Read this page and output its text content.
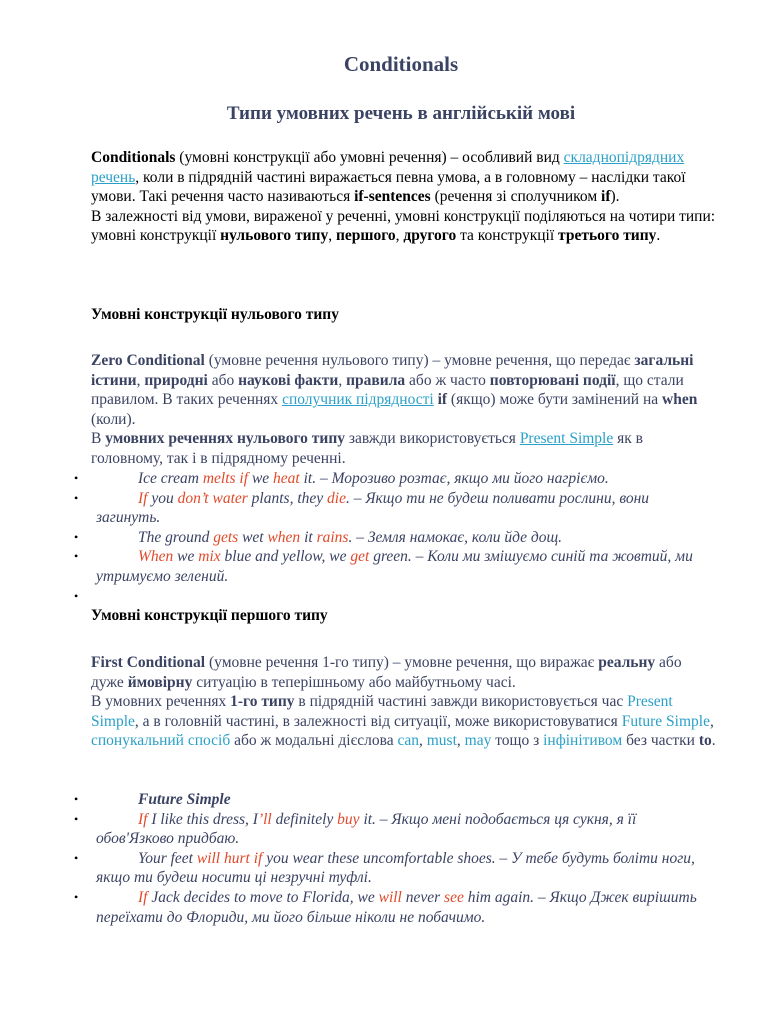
Conditionals
Типи умовних речень в англійській мові

Conditionals (умовні конструкції або умовні речення) – особливий вид складнопідрядних речень, коли в підрядній частині виражається певна умова, а в головному – наслідки такої умови. Такі речення часто називаються if-sentences (речення зі сполучником if).
В залежності від умови, вираженої у реченні, умовні конструкції поділяються на чотири типи: умовні конструкції нульового типу, першого, другого та конструкції третього типу.

Умовні конструкції нульового типу

Zero Conditional (умовне речення нульового типу) – умовне речення, що передає загальні істини, природні або наукові факти, правила або ж часто повторювані події, що стали правилом. В таких реченнях сполучник підрядності if (якщо) може бути замінений на when (коли).
В умовних реченнях нульового типу завжди використовується Present Simple як в головному, так і в підрядному реченні.

•	Ice cream melts if we heat it. – Морозиво розтає, якщо ми його нагріємо.
•	If you don’t water plants, they die. – Якщо ти не будеш поливати рослини, вони загинуть.
•	The ground gets wet when it rains. – Земля намокає, коли йде дощ.
•	When we mix blue and yellow, we get green. – Коли ми змішуємо синій та жовтий, ми утримуємо зелений.
•

Умовні конструкції першого типу

First Conditional (умовне речення 1-го типу) – умовне речення, що виражає реальну або дуже ймовірну ситуацію в теперішньому або майбутньому часі.
В умовних реченнях 1-го типу в підрядній частині завжди використовується час Present Simple, а в головній частині, в залежності від ситуації, може використовуватися Future Simple, спонукальний спосіб або ж модальні дієслова can, must, may тощо з інфінітивом без частки to.

•	Future Simple
•	If I like this dress, I’ll definitely buy it. – Якщо мені подобається ця сукня, я її обов'Язково придбаю.
•	Your feet will hurt if you wear these uncomfortable shoes. – У тебе будуть болiти ноги, якщо ти будеш носити ці незручні туфлі.
•	If Jack decides to move to Florida, we will never see him again. – Якщо Джек вирішить переїхати до Флориди, ми його більше ніколи не побачимо.
